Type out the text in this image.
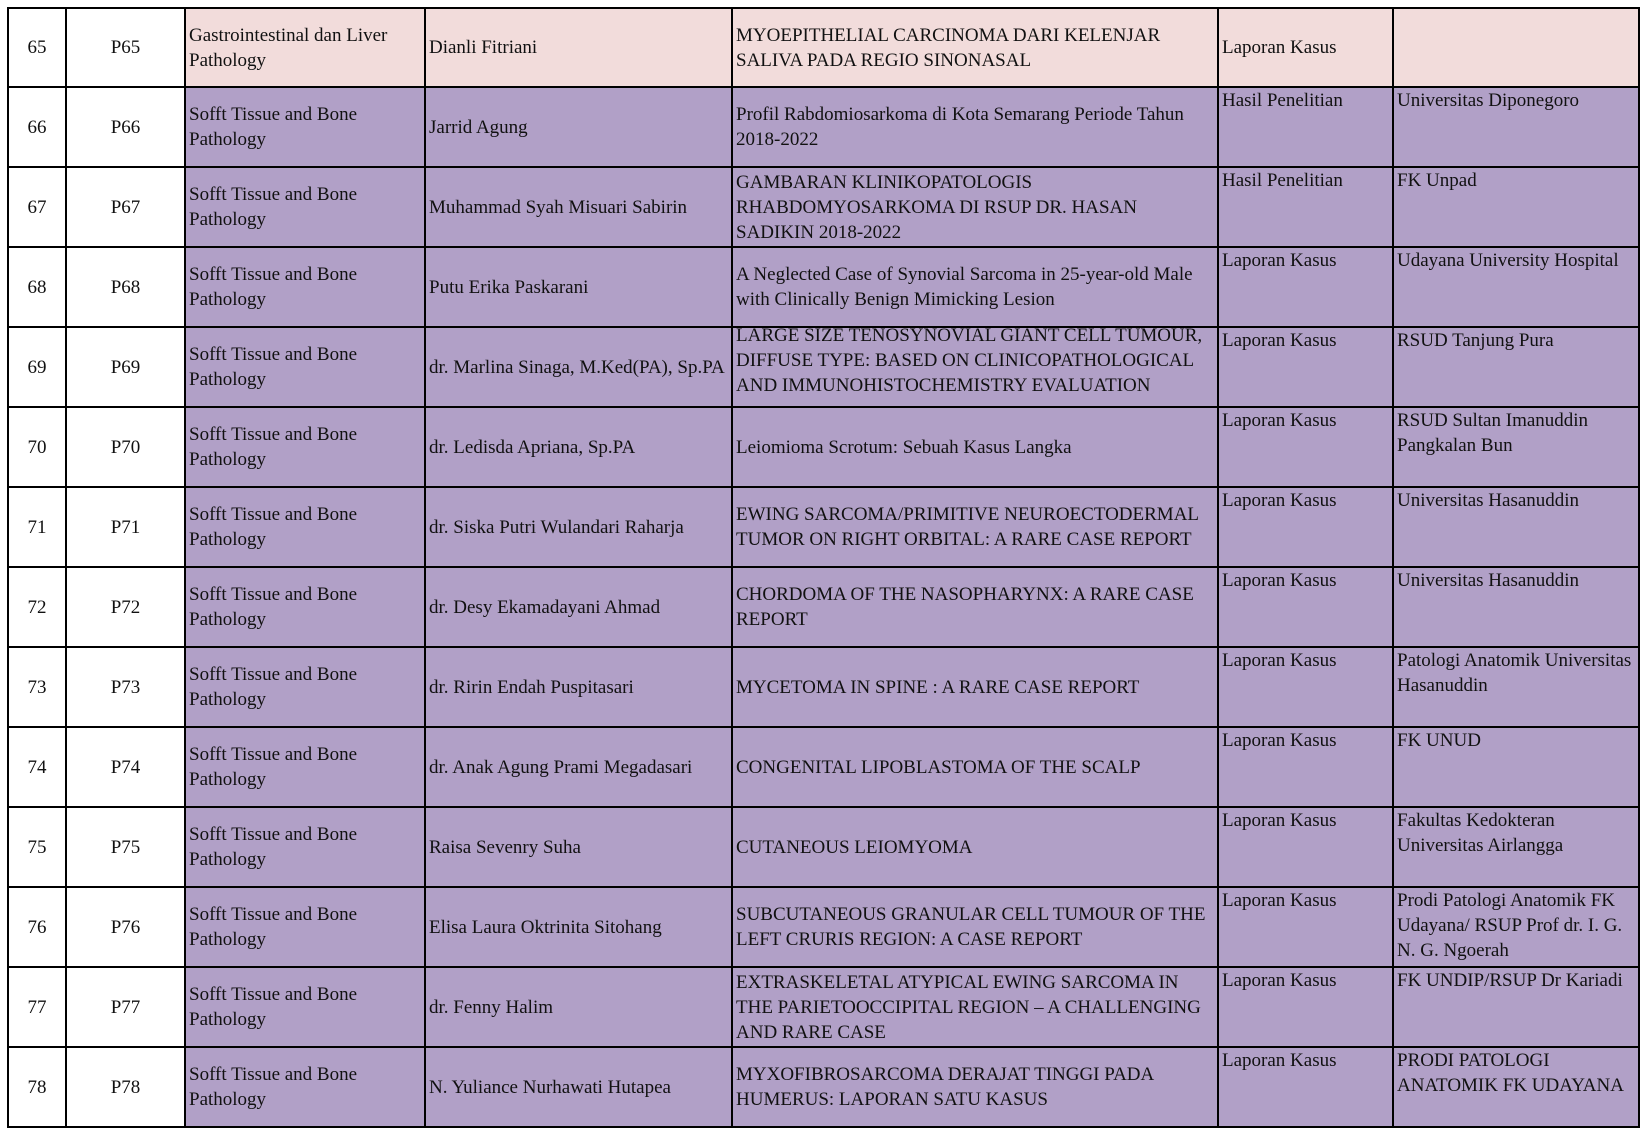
65	P65	Gastrointestinal dan Liver Pathology	Dianli Fitriani	MYOEPITHELIAL CARCINOMA DARI KELENJAR SALIVA PADA REGIO SINONASAL	Laporan Kasus	
66	P66	Sofft Tissue and Bone Pathology	Jarrid Agung	Profil Rabdomiosarkoma di Kota Semarang Periode Tahun 2018-2022	Hasil Penelitian	Universitas Diponegoro
67	P67	Sofft Tissue and Bone Pathology	Muhammad Syah Misuari Sabirin	GAMBARAN KLINIKOPATOLOGIS RHABDOMYOSARKOMA DI RSUP DR. HASAN SADIKIN 2018-2022	Hasil Penelitian	FK Unpad
68	P68	Sofft Tissue and Bone Pathology	Putu Erika Paskarani	A Neglected Case of Synovial Sarcoma in 25-year-old Male with Clinically Benign Mimicking Lesion	Laporan Kasus	Udayana University Hospital
69	P69	Sofft Tissue and Bone Pathology	dr. Marlina Sinaga, M.Ked(PA), Sp.PA	LARGE SIZE TENOSYNOVIAL GIANT CELL TUMOUR, DIFFUSE TYPE: BASED ON CLINICOPATHOLOGICAL AND IMMUNOHISTOCHEMISTRY EVALUATION	Laporan Kasus	RSUD Tanjung Pura
70	P70	Sofft Tissue and Bone Pathology	dr. Ledisda Apriana, Sp.PA	Leiomioma Scrotum: Sebuah Kasus Langka	Laporan Kasus	RSUD Sultan Imanuddin Pangkalan Bun
71	P71	Sofft Tissue and Bone Pathology	dr. Siska Putri Wulandari Raharja	EWING SARCOMA/PRIMITIVE NEUROECTODERMAL TUMOR ON RIGHT ORBITAL: A RARE CASE REPORT	Laporan Kasus	Universitas Hasanuddin
72	P72	Sofft Tissue and Bone Pathology	dr. Desy Ekamadayani Ahmad	CHORDOMA OF THE NASOPHARYNX: A RARE CASE REPORT	Laporan Kasus	Universitas Hasanuddin
73	P73	Sofft Tissue and Bone Pathology	dr. Ririn Endah Puspitasari	MYCETOMA IN SPINE : A RARE CASE REPORT	Laporan Kasus	Patologi Anatomik Universitas Hasanuddin
74	P74	Sofft Tissue and Bone Pathology	dr. Anak Agung Prami Megadasari	CONGENITAL LIPOBLASTOMA OF THE SCALP	Laporan Kasus	FK UNUD
75	P75	Sofft Tissue and Bone Pathology	Raisa Sevenry Suha	CUTANEOUS LEIOMYOMA	Laporan Kasus	Fakultas Kedokteran Universitas Airlangga
76	P76	Sofft Tissue and Bone Pathology	Elisa Laura Oktrinita Sitohang	SUBCUTANEOUS GRANULAR CELL TUMOUR OF THE LEFT CRURIS REGION: A CASE REPORT	Laporan Kasus	Prodi Patologi Anatomik FK Udayana/ RSUP Prof dr. I. G. N. G. Ngoerah
77	P77	Sofft Tissue and Bone Pathology	dr. Fenny Halim	EXTRASKELETAL ATYPICAL EWING SARCOMA IN THE PARIETOOCCIPITAL REGION – A CHALLENGING AND RARE CASE	Laporan Kasus	FK UNDIP/RSUP Dr Kariadi
78	P78	Sofft Tissue and Bone Pathology	N. Yuliance Nurhawati Hutapea	MYXOFIBROSARCOMA DERAJAT TINGGI PADA HUMERUS: LAPORAN SATU KASUS	Laporan Kasus	PRODI PATOLOGI ANATOMIK FK UDAYANA
